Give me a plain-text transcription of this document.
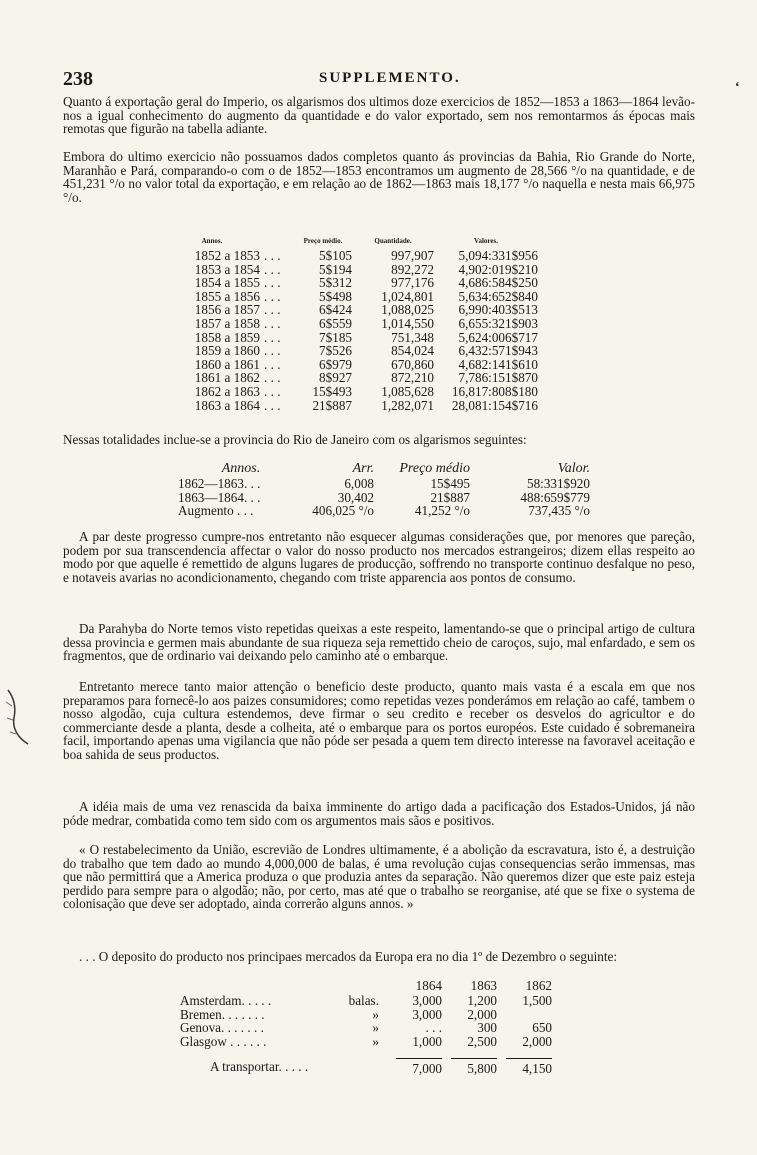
238	SUPPLEMENTO.
‘
Quanto á exportação geral do Imperio, os algarismos dos ultimos doze exercicios de 1852—1853 a 1863—1864 levão-nos a igual conhecimento do augmento da quantidade e do valor exportado, sem nos remontarmos ás épocas mais remotas que figurão na tabella adiante.
Embora do ultimo exercicio não possuamos dados completos quanto ás provincias da Bahia, Rio Grande do Norte, Maranhão e Pará, comparando-o com o de 1852—1853 encontramos um augmento de 28,566 °/o na quantidade, e de 451,231 °/o no valor total da exportação, e em relação ao de 1862—1863 mais 18,177 °/o naquella e nesta mais 66,975 °/o.
Annos.		Preço médio.	Quantidade.	Valores.
1852 a 1853	. . .	5$105	997,907	5,094:331$956
1853 a 1854	. . .	5$194	892,272	4,902:019$210
1854 a 1855	. . .	5$312	977,176	4,686:584$250
1855 a 1856	. . .	5$498	1,024,801	5,634:652$840
1856 a 1857	. . .	6$424	1,088,025	6,990:403$513
1857 a 1858	. . .	6$559	1,014,550	6,655:321$903
1858 a 1859	. . .	7$185	751,348	5,624:006$717
1859 a 1860	. . .	7$526	854,024	6,432:571$943
1860 a 1861	. . .	6$979	670,860	4,682:141$610
1861 a 1862	. . .	8$927	872,210	7,786:151$870
1862 a 1863	. . .	15$493	1,085,628	16,817:808$180
1863 a 1864	. . .	21$887	1,282,071	28,081:154$716
Nessas totalidades inclue-se a provincia do Rio de Janeiro com os algarismos seguintes:
Annos.	Arr.	Preço médio	Valor.
1862—1863. . .	6,008	15$495	58:331$920
1863—1864. . .	30,402	21$887	488:659$779
Augmento . . .	406,025 °/o	41,252 °/o	737,435 °/o
A par deste progresso cumpre-nos entretanto não esquecer algumas considerações que, por menores que pareção, podem por sua transcendencia affectar o valor do nosso producto nos mercados estrangeiros; dizem ellas respeito ao modo por que aquelle é remettido de alguns lugares de producção, soffrendo no transporte continuo desfalque no peso, e notaveis avarias no acondicionamento, chegando com triste apparencia aos pontos de consumo.
Da Parahyba do Norte temos visto repetidas queixas a este respeito, lamentando-se que o principal artigo de cultura dessa provincia e germen mais abundante de sua riqueza seja remettido cheio de caroços, sujo, mal enfardado, e sem os fragmentos, que de ordinario vai deixando pelo caminho até o embarque.
Entretanto merece tanto maior attenção o beneficio deste producto, quanto mais vasta é a escala em que nos preparamos para fornecê-lo aos paizes consumidores; como repetidas vezes ponderámos em relação ao café, tambem o nosso algodão, cuja cultura estendemos, deve firmar o seu credito e receber os desvelos do agricultor e do commerciante desde a planta, desde a colheita, até o embarque para os portos européos. Este cuidado é sobremaneira facil, importando apenas uma vigilancia que não póde ser pesada a quem tem directo interesse na favoravel aceitação e boa sahida de seus productos.
A idéia mais de uma vez renascida da baixa imminente do artigo dada a pacificação dos Estados-Unidos, já não póde medrar, combatida como tem sido com os argumentos mais sãos e positivos.
« O restabelecimento da União, escrevião de Londres ultimamente, é a abolição da escravatura, isto é, a destruição do trabalho que tem dado ao mundo 4,000,000 de balas, é uma revolução cujas consequencias serão immensas, mas que não permittirá que a America produza o que produzia antes da separação. Não queremos dizer que este paiz esteja perdido para sempre para o algodão; não, por certo, mas até que o trabalho se reorganise, até que se fixe o systema de colonisação que deve ser adoptado, ainda correrão alguns annos. »
. . . O deposito do producto nos principaes mercados da Europa era no dia 1º de Dezembro o seguinte:
		1864	1863	1862
Amsterdam. . . . .	balas.	3,000	1,200	1,500
Bremen. . . . . . .	»	3,000	2,000	
Genova. . . . . . .	»	. . .	300	650
Glasgow . . . . . .	»	1,000	2,500	2,000
A transportar. . . . .		7,000	5,800	4,150
